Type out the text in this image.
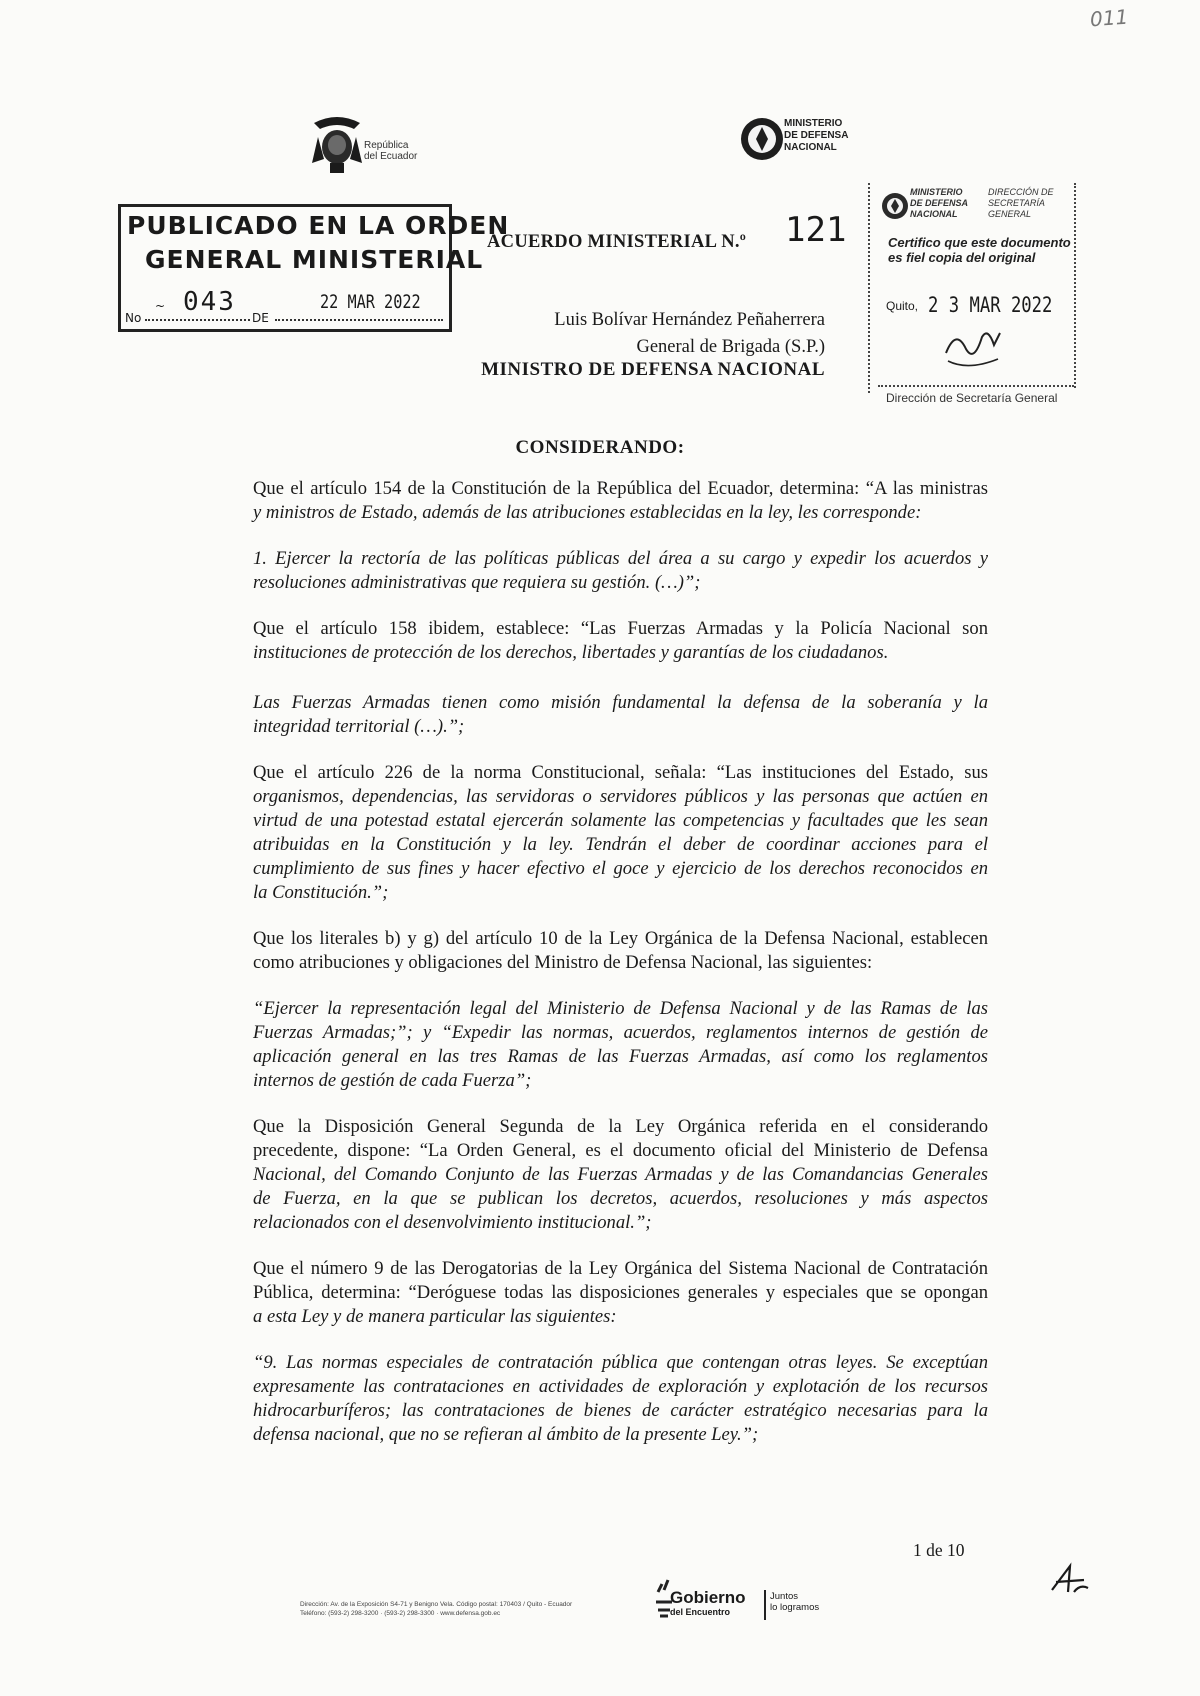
011
República
del Ecuador
MINISTERIO
DE DEFENSA
NACIONAL
PUBLICADO EN LA ORDEN
GENERAL MINISTERIAL
~ 043	22 MAR 2022
No	DE
ACUERDO MINISTERIAL N.º 121
Luis Bolívar Hernández Peñaherrera
General de Brigada (S.P.)
MINISTRO DE DEFENSA NACIONAL
MINISTERIO
DE DEFENSA
NACIONAL
DIRECCIÓN DE
SECRETARÍA
GENERAL
Certifico que este documento
es fiel copia del original
Quito, 2 3 MAR 2022
Dirección de Secretaría General
CONSIDERANDO:

Que el artículo 154 de la Constitución de la República del Ecuador, determina: “A las ministras
y ministros de Estado, además de las atribuciones establecidas en la ley, les corresponde:

1. Ejercer la rectoría de las políticas públicas del área a su cargo y expedir los acuerdos y
resoluciones administrativas que requiera su gestión. (…)”;

Que el artículo 158 ibidem, establece: “Las Fuerzas Armadas y la Policía Nacional son
instituciones de protección de los derechos, libertades y garantías de los ciudadanos.

Las Fuerzas Armadas tienen como misión fundamental la defensa de la soberanía y la
integridad territorial (…).”;

Que el artículo 226 de la norma Constitucional, señala: “Las instituciones del Estado, sus
organismos, dependencias, las servidoras o servidores públicos y las personas que actúen en
virtud de una potestad estatal ejercerán solamente las competencias y facultades que les sean
atribuidas en la Constitución y la ley. Tendrán el deber de coordinar acciones para el
cumplimiento de sus fines y hacer efectivo el goce y ejercicio de los derechos reconocidos en
la Constitución.”;

Que los literales b) y g) del artículo 10 de la Ley Orgánica de la Defensa Nacional, establecen
como atribuciones y obligaciones del Ministro de Defensa Nacional, las siguientes:

“Ejercer la representación legal del Ministerio de Defensa Nacional y de las Ramas de las
Fuerzas Armadas;”; y “Expedir las normas, acuerdos, reglamentos internos de gestión de
aplicación general en las tres Ramas de las Fuerzas Armadas, así como los reglamentos
internos de gestión de cada Fuerza”;

Que la Disposición General Segunda de la Ley Orgánica referida en el considerando
precedente, dispone: “La Orden General, es el documento oficial del Ministerio de Defensa
Nacional, del Comando Conjunto de las Fuerzas Armadas y de las Comandancias Generales
de Fuerza, en la que se publican los decretos, acuerdos, resoluciones y más aspectos
relacionados con el desenvolvimiento institucional.”;

Que el número 9 de las Derogatorias de la Ley Orgánica del Sistema Nacional de Contratación
Pública, determina: “Deróguese todas las disposiciones generales y especiales que se opongan
a esta Ley y de manera particular las siguientes:

“9. Las normas especiales de contratación pública que contengan otras leyes. Se exceptúan
expresamente las contrataciones en actividades de exploración y explotación de los recursos
hidrocarburíferos; las contrataciones de bienes de carácter estratégico necesarias para la
defensa nacional, que no se refieran al ámbito de la presente Ley.”;

1 de 10
Dirección: Av. de la Exposición S4-71 y Benigno Vela. Código postal: 170403 / Quito - Ecuador
Teléfono: (593-2) 298-3200 · (593-2) 298-3300 · www.defensa.gob.ec
Gobierno
del Encuentro
Juntos
lo logramos
